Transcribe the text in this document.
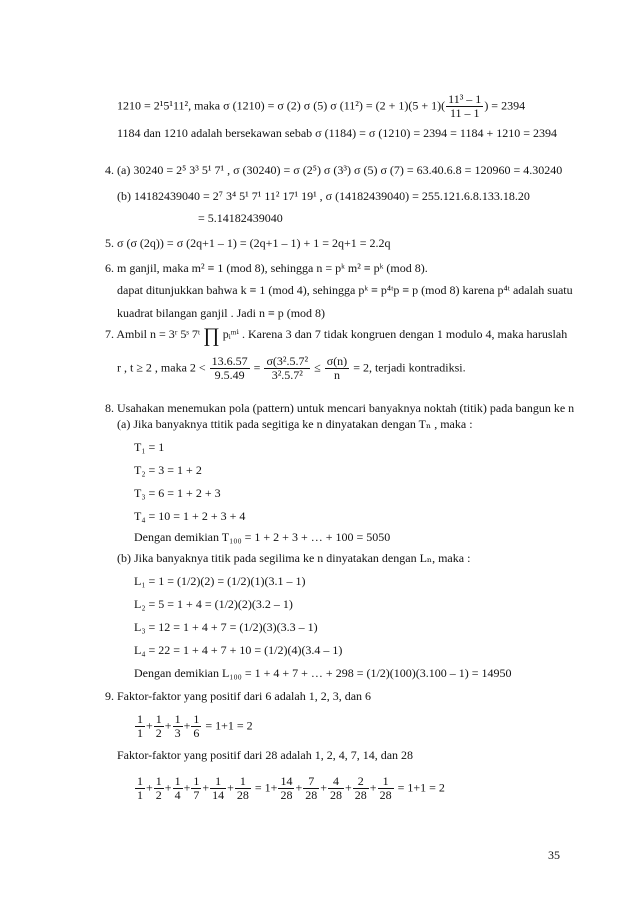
1210 = 2¹5¹11², maka σ (1210) = σ (2) σ (5) σ $(11^2) = (2 + 1)(5 + 1)( \frac{\text{11³ – 1}}{11 - 1}$ ) = 2394
1184 dan 1210 adalah bersekawan sebab σ (1184) = σ (1210) = 2394 = 1184 + 1210 = 2394
4. (a) 30240 = 2⁵ 3³ 5¹ 7¹ , σ (30240) = σ (2⁵) σ (3³) σ (5) σ (7) = 63.40.6.8 = 120960 = 4.30240
(b) 14182439040 = 2⁷ 3⁴ 5¹ 7¹ 11² 17¹ 19¹ , σ (14182439040) = 255.121.6.8.133.18.20
= 5.14182439040
5. σ (σ (2q)) = σ (2q+1 – 1) = (2q+1 – 1) + 1 = 2q+1 = 2.2q
6. m ganjil, maka m² ≡ 1 (mod 8), sehingga n = pᵏ m² ≡ pᵏ (mod 8).
dapat ditunjukkan bahwa k ≡ 1 (mod 4), sehingga pᵏ ≡ p⁴ᵗp ≡ p (mod 8) karena p⁴ᵗ adalah suatu
kuadrat bilangan ganjil . Jadi n ≡ p (mod 8)
7. Ambil n = 3ʳ 5ˢ 7ᵗ ∏ pᵢᵐⁱ . Karena 3 dan 7 tidak kongruen dengan 1 modulo 4, maka haruslah
r , t ≥ 2 , maka $2 < \frac{13.6.57}{9.5.49} = \frac{\text{σ(3².5.7²}}{\text{3².5.7²}} \le \frac{\sigma(n)}{n} = 2$, terjadi kontradiksi.
8. Usahakan menemukan pola (pattern) untuk mencari banyaknya noktah (titik) pada bangun ke n
(a) Jika banyaknya ttitik pada segitiga ke n dinyatakan dengan Tₙ , maka :
T₁ = 1
T₂ = 3 = 1 + 2
T₃ = 6 = 1 + 2 + 3
T₄ = 10 = 1 + 2 + 3 + 4
Dengan demikian T₁₀₀ = 1 + 2 + 3 + … + 100 = 5050
(b) Jika banyaknya titik pada segilima ke n dinyatakan dengan Lₙ, maka :
L₁ = 1 = (1/2)(2) = (1/2)(1)(3.1 – 1)
L₂ = 5 = 1 + 4 = (1/2)(2)(3.2 – 1)
L₃ = 12 = 1 + 4 + 7 = (1/2)(3)(3.3 – 1)
L₄ = 22 = 1 + 4 + 7 + 10 = (1/2)(4)(3.4 – 1)
Dengan demikian L₁₀₀ = 1 + 4 + 7 + … + 298 = (1/2)(100)(3.100 – 1) = 14950
9. Faktor-faktor yang positif dari 6 adalah 1, 2, 3, dan 6
$\frac{1}{1} + \frac{1}{2} + \frac{1}{3} + \frac{1}{6} = 1+1 = 2$
Faktor-faktor yang positif dari 28 adalah 1, 2, 4, 7, 14, dan 28
$\frac{1}{1} + \frac{1}{2} + \frac{1}{4} + \frac{1}{7} + \frac{1}{14} + \frac{1}{28} = 1+ \frac{14}{28} + \frac{7}{28} + \frac{4}{28} + \frac{2}{28} + \frac{1}{28} = 1+1 = 2$
35
